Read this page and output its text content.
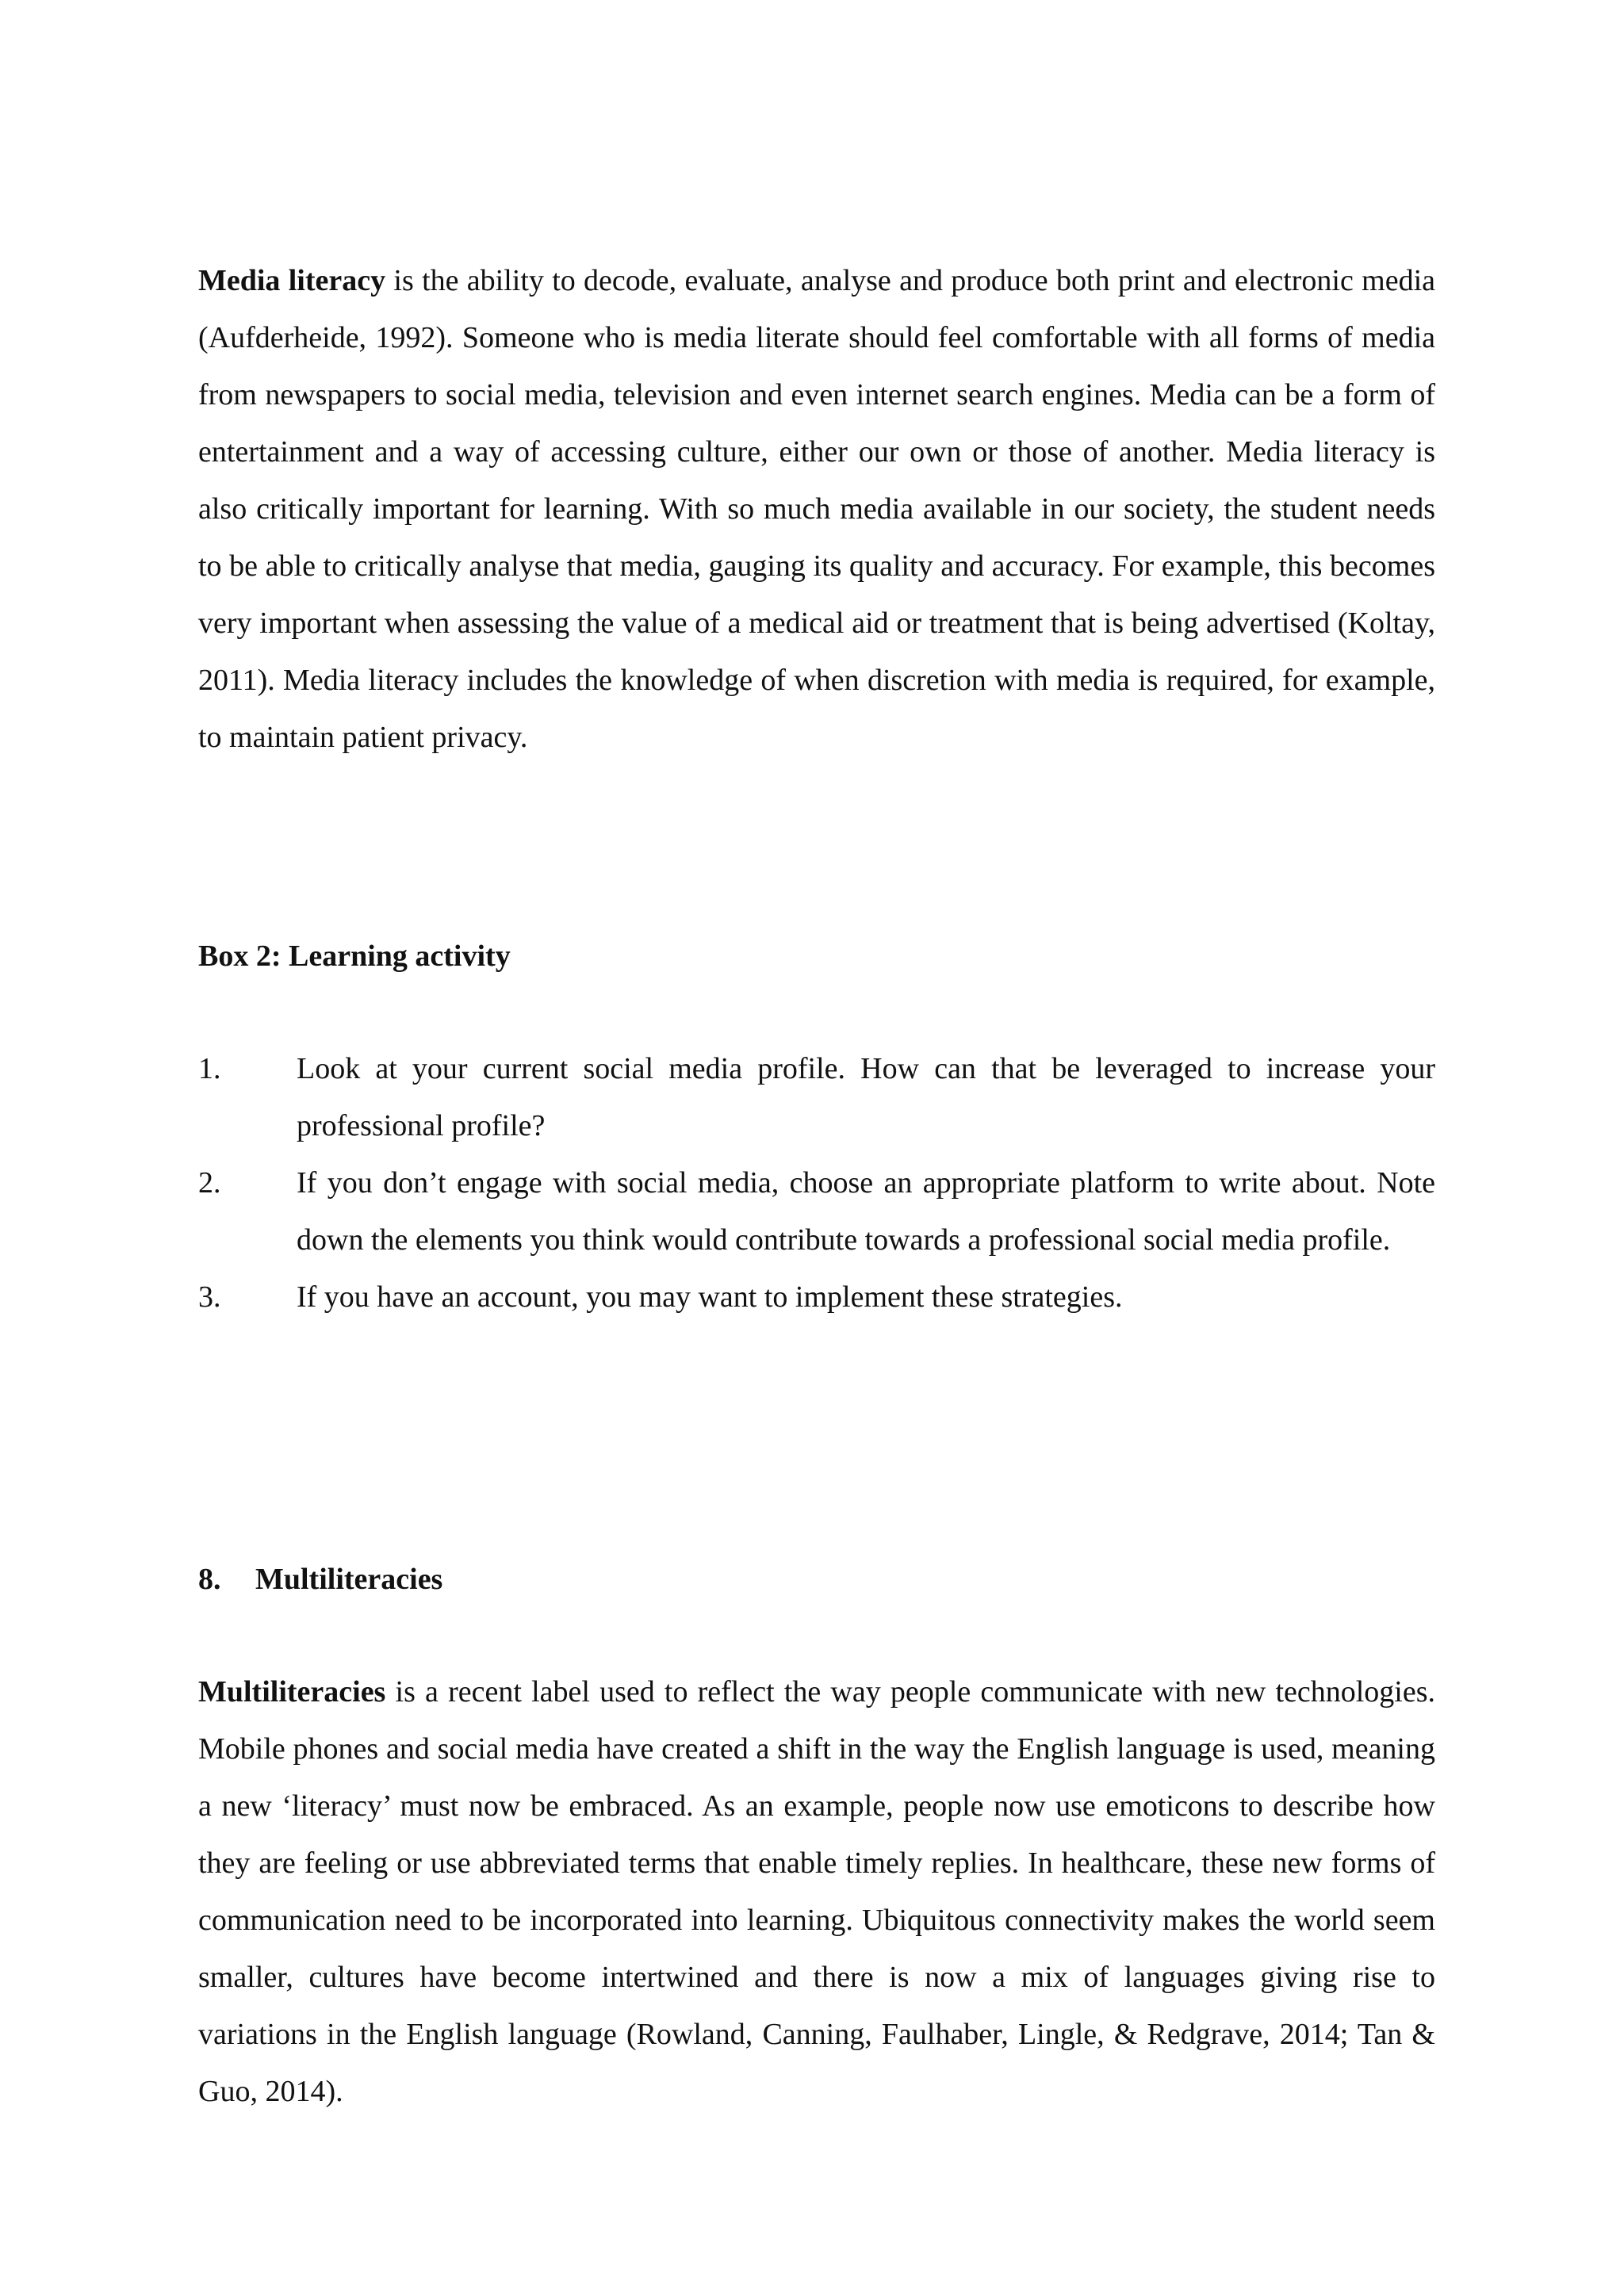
Media literacy is the ability to decode, evaluate, analyse and produce both print and electronic media (Aufderheide, 1992). Someone who is media literate should feel comfortable with all forms of media from newspapers to social media, television and even internet search engines. Media can be a form of entertainment and a way of accessing culture, either our own or those of another. Media literacy is also critically important for learning. With so much media available in our society, the student needs to be able to critically analyse that media, gauging its quality and accuracy. For example, this becomes very important when assessing the value of a medical aid or treatment that is being advertised (Koltay, 2011). Media literacy includes the knowledge of when discretion with media is required, for example, to maintain patient privacy.

Box 2: Learning activity
1.	Look at your current social media profile. How can that be leveraged to increase your professional profile?
2.	If you don’t engage with social media, choose an appropriate platform to write about. Note down the elements you think would contribute towards a professional social media profile.
3.	If you have an account, you may want to implement these strategies.
8.	Multiliteracies

Multiliteracies is a recent label used to reflect the way people communicate with new technologies. Mobile phones and social media have created a shift in the way the English language is used, meaning a new ‘literacy’ must now be embraced. As an example, people now use emoticons to describe how they are feeling or use abbreviated terms that enable timely replies. In healthcare, these new forms of communication need to be incorporated into learning. Ubiquitous connectivity makes the world seem smaller, cultures have become intertwined and there is now a mix of languages giving rise to variations in the English language (Rowland, Canning, Faulhaber, Lingle, & Redgrave, 2014; Tan & Guo, 2014).
